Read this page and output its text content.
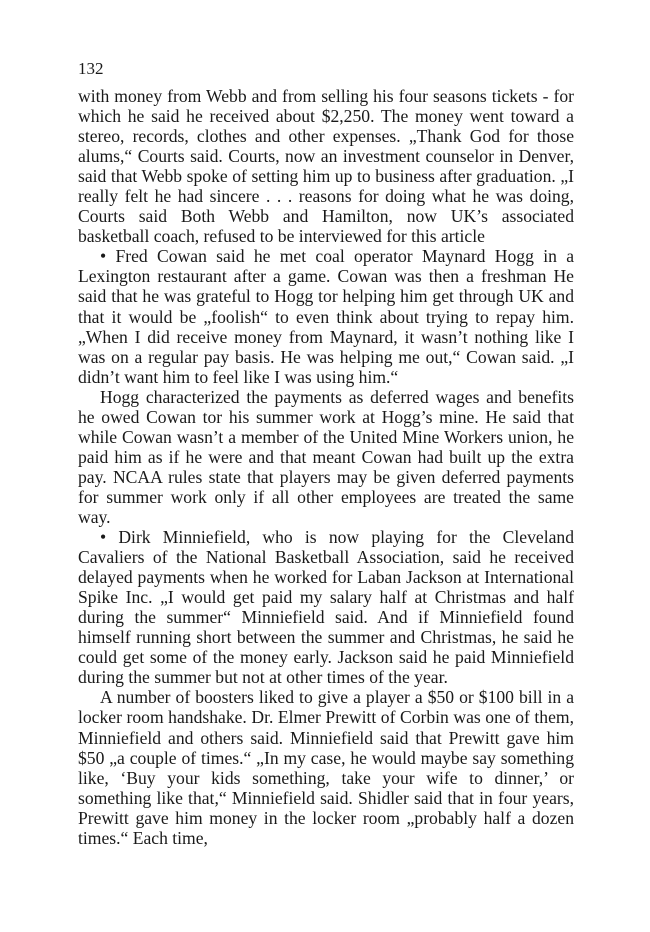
132

with money from Webb and from selling his four seasons tickets - for which he said he received about $2,250. The money went toward a stereo, records, clothes and other expenses. „Thank God for those alums,“ Courts said. Courts, now an investment counselor in Denver, said that Webb spoke of setting him up to business after graduation. „I really felt he had sincere . . . reasons for doing what he was doing, Courts said Both Webb and Hamilton, now UK’s associated basketball coach, refused to be interviewed for this article

• Fred Cowan said he met coal operator Maynard Hogg in a Lexington restaurant after a game. Cowan was then a freshman He said that he was grateful to Hogg tor helping him get through UK and that it would be „foolish“ to even think about trying to repay him. „When I did receive money from Maynard, it wasn’t nothing like I was on a regular pay basis. He was helping me out,“ Cowan said. „I didn’t want him to feel like I was using him.“

Hogg characterized the payments as deferred wages and benefits he owed Cowan tor his summer work at Hogg’s mine. He said that while Cowan wasn’t a member of the United Mine Workers union, he paid him as if he were and that meant Cowan had built up the extra pay. NCAA rules state that players may be given deferred payments for summer work only if all other employees are treated the same way.

• Dirk Minniefield, who is now playing for the Cleveland Cavaliers of the National Basketball Association, said he received delayed payments when he worked for Laban Jackson at International Spike Inc. „I would get paid my salary half at Christmas and half during the summer“ Minniefield said. And if Minniefield found himself running short between the summer and Christmas, he said he could get some of the money early. Jackson said he paid Minniefield during the summer but not at other times of the year.

A number of boosters liked to give a player a $50 or $100 bill in a locker room handshake. Dr. Elmer Prewitt of Corbin was one of them, Minniefield and others said. Minniefield said that Prewitt gave him $50 „a couple of times.“ „In my case, he would maybe say something like, ‘Buy your kids something, take your wife to dinner,’ or something like that,“ Minniefield said. Shidler said that in four years, Prewitt gave him money in the locker room „probably half a dozen times.“ Each time,
